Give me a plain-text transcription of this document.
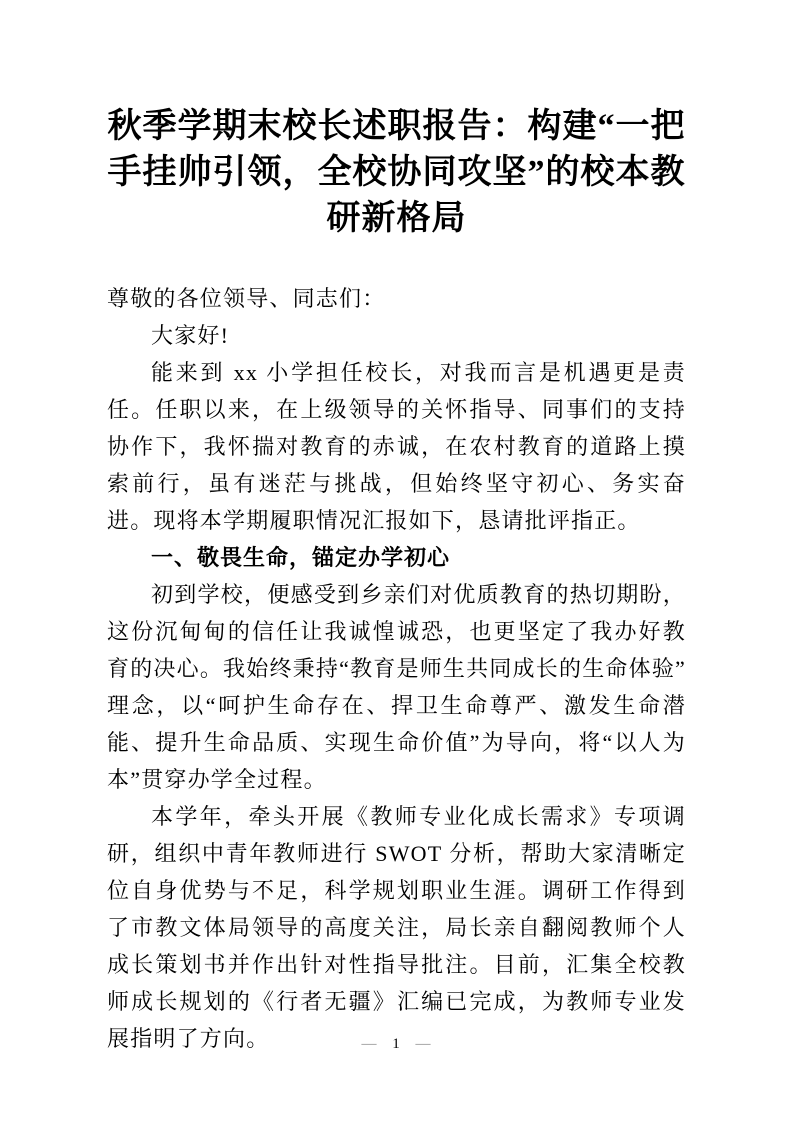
秋季学期末校长述职报告：构建“一把手挂帅引领，全校协同攻坚”的校本教研新格局

尊敬的各位领导、同志们：

大家好!

能来到 xx 小学担任校长，对我而言是机遇更是责任。任职以来，在上级领导的关怀指导、同事们的支持协作下，我怀揣对教育的赤诚，在农村教育的道路上摸索前行，虽有迷茫与挑战，但始终坚守初心、务实奋进。现将本学期履职情况汇报如下，恳请批评指正。

一、敬畏生命，锚定办学初心

初到学校，便感受到乡亲们对优质教育的热切期盼，这份沉甸甸的信任让我诚惶诚恐，也更坚定了我办好教育的决心。我始终秉持“教育是师生共同成长的生命体验”理念，以“呵护生命存在、捍卫生命尊严、激发生命潜能、提升生命品质、实现生命价值”为导向，将“以人为本”贯穿办学全过程。

本学年，牵头开展《教师专业化成长需求》专项调研，组织中青年教师进行 SWOT 分析，帮助大家清晰定位自身优势与不足，科学规划职业生涯。调研工作得到了市教文体局领导的高度关注，局长亲自翻阅教师个人成长策划书并作出针对性指导批注。目前，汇集全校教师成长规划的《行者无疆》汇编已完成，为教师专业发展指明了方向。	— 1 —
